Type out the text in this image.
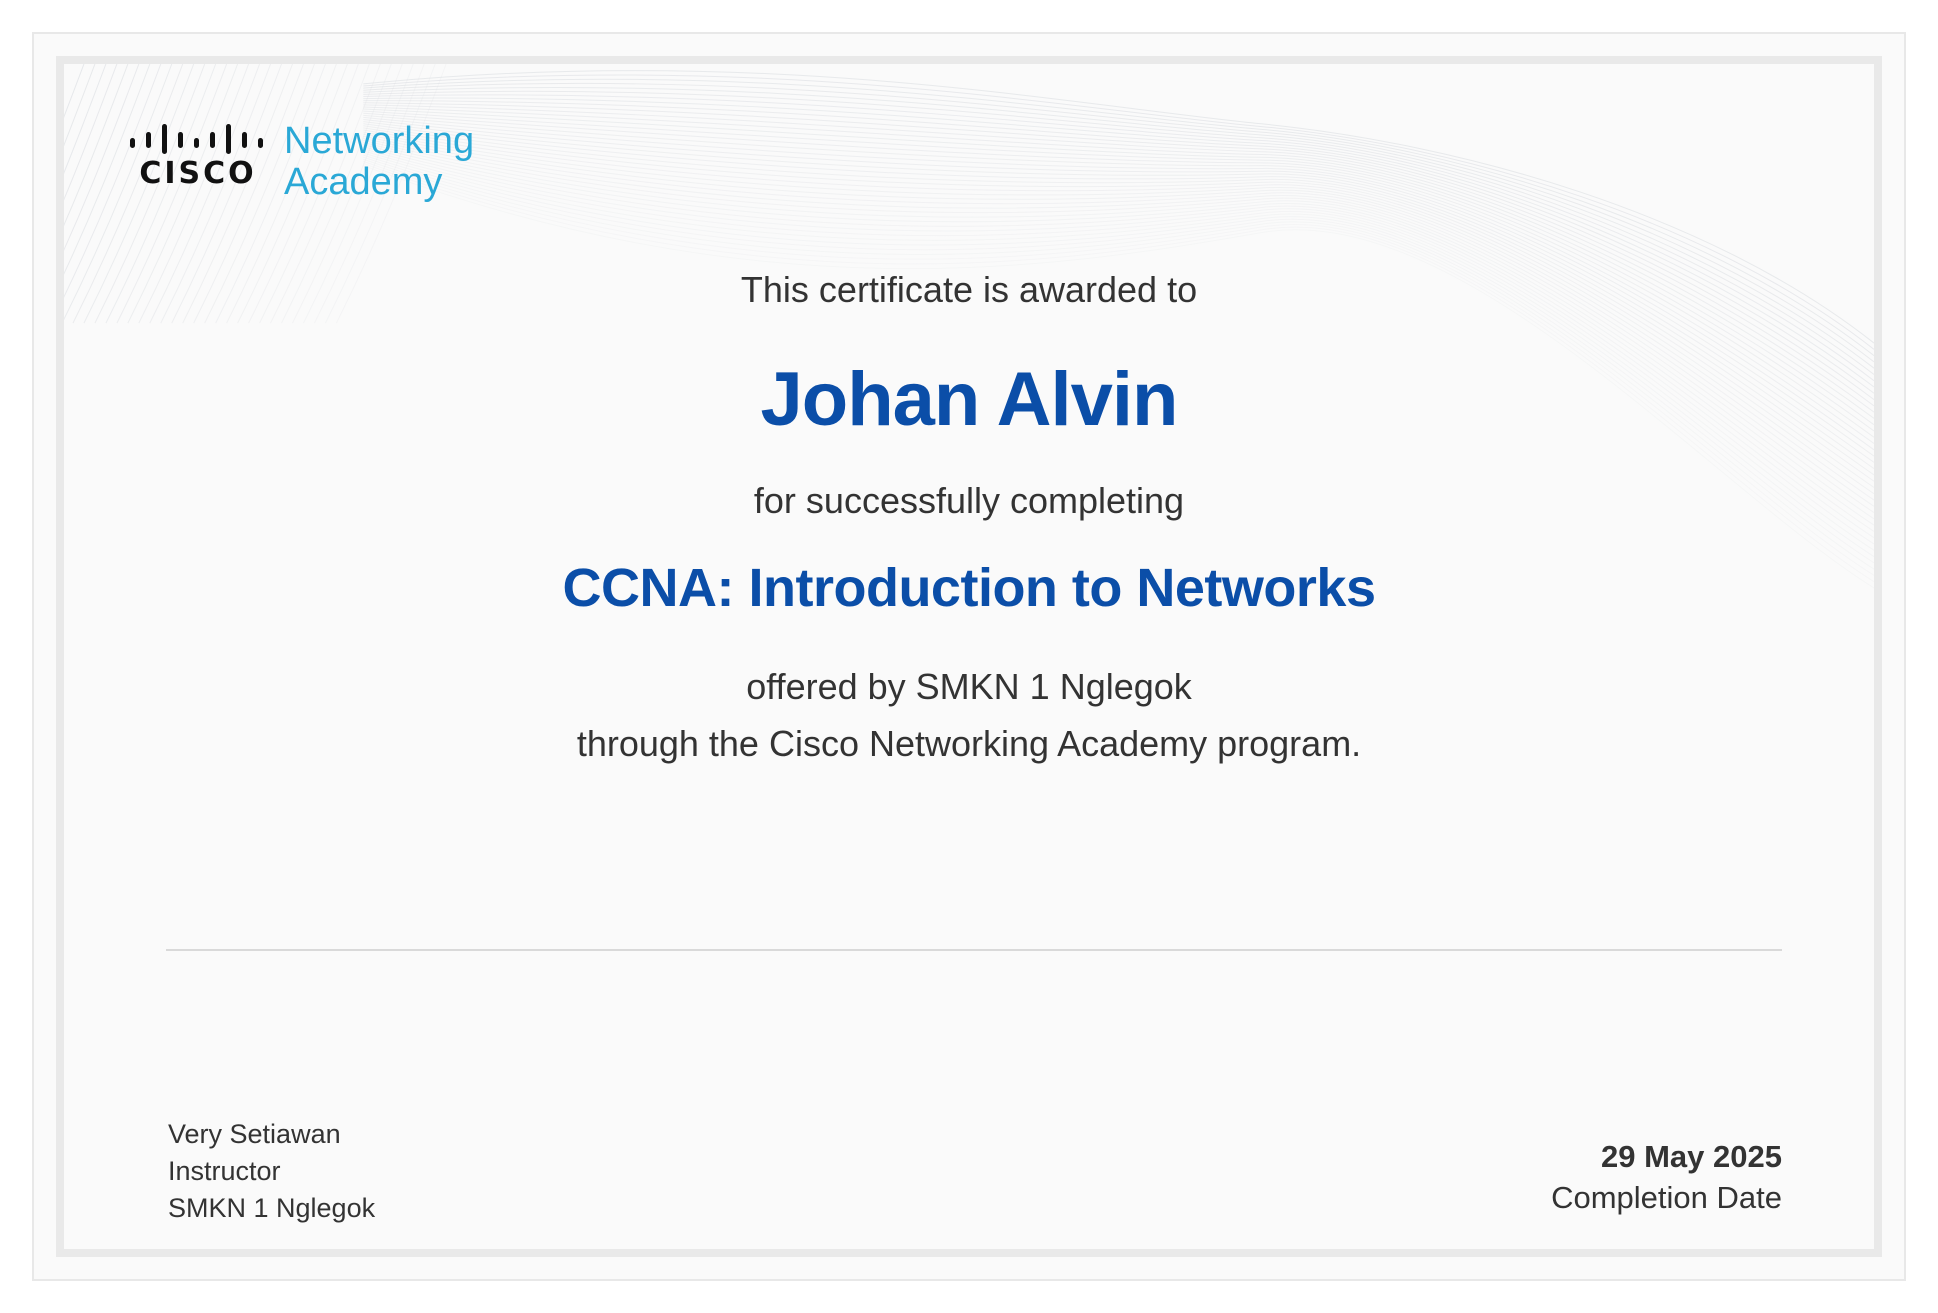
CISCO
Networking
Academy
This certificate is awarded to
Johan Alvin
for successfully completing
CCNA: Introduction to Networks
offered by SMKN 1 Nglegok
through the Cisco Networking Academy program.
Very Setiawan
Instructor
SMKN 1 Nglegok
29 May 2025
Completion Date
